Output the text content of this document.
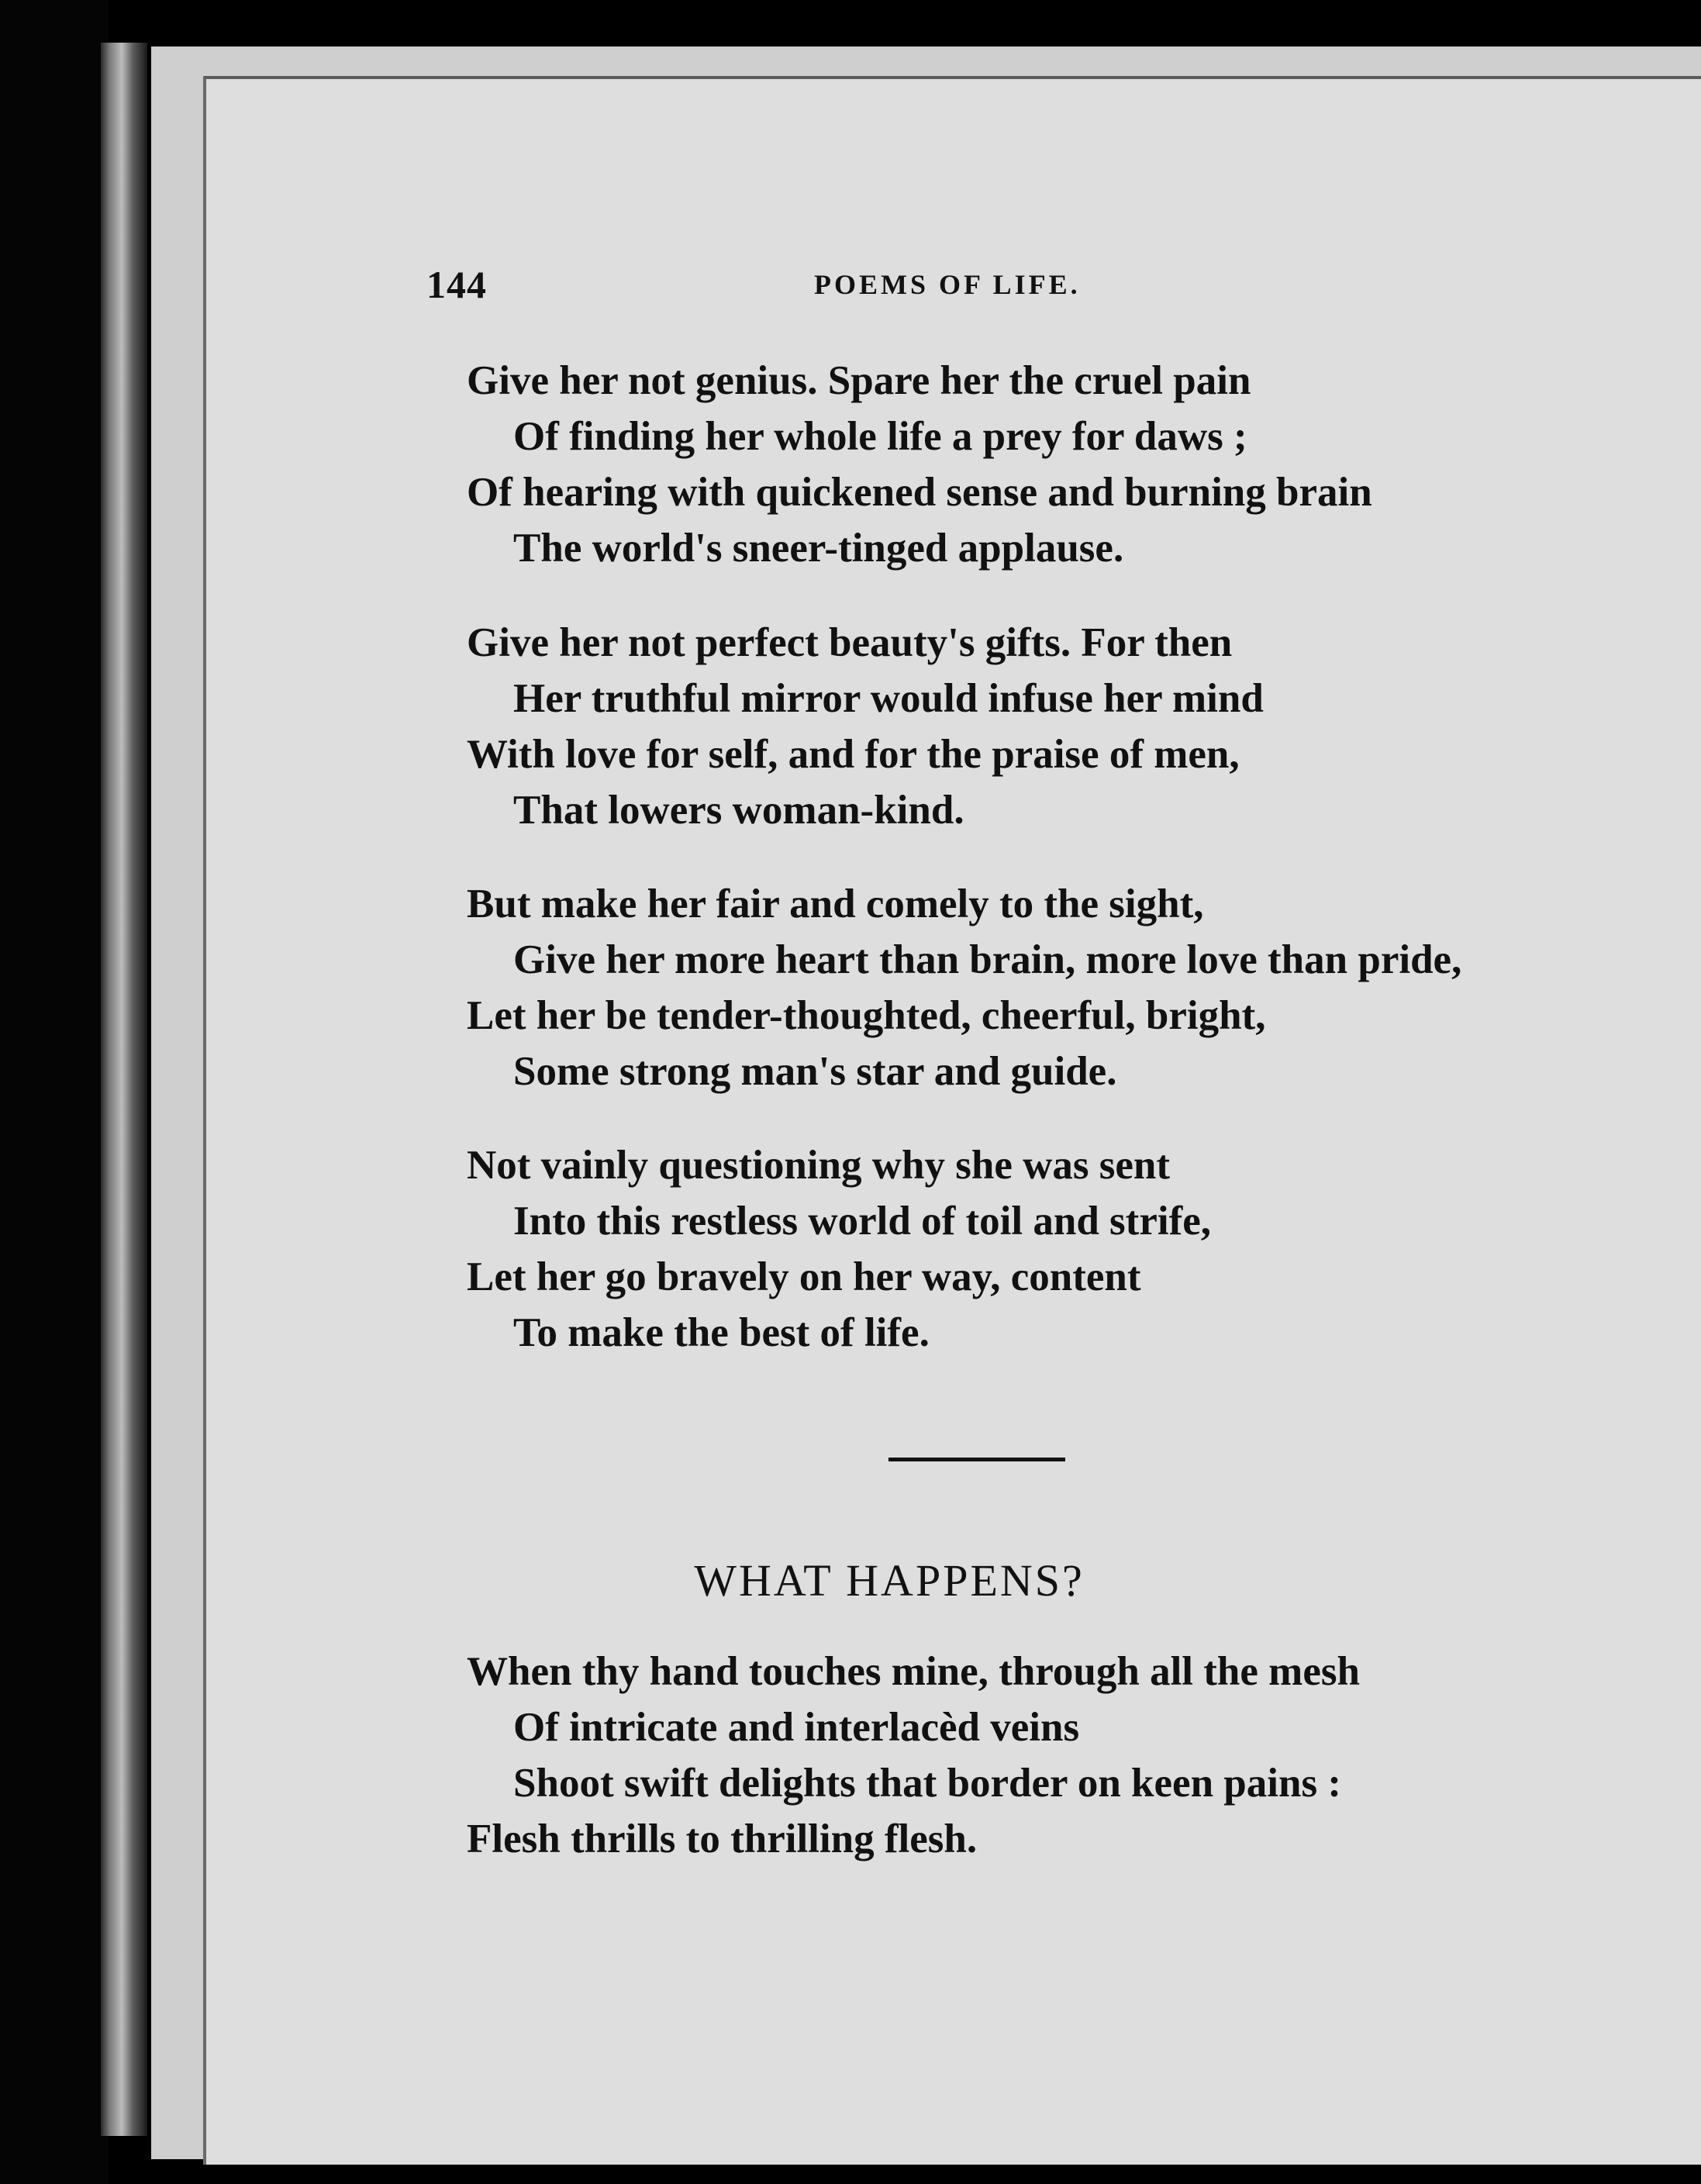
144	POEMS OF LIFE.
Give her not genius. Spare her the cruel pain
Of finding her whole life a prey for daws ;
Of hearing with quickened sense and burning brain
The world's sneer-tinged applause.
Give her not perfect beauty's gifts. For then
Her truthful mirror would infuse her mind
With love for self, and for the praise of men,
That lowers woman-kind.
But make her fair and comely to the sight,
Give her more heart than brain, more love than pride,
Let her be tender-thoughted, cheerful, bright,
Some strong man's star and guide.
Not vainly questioning why she was sent
Into this restless world of toil and strife,
Let her go bravely on her way, content
To make the best of life.
WHAT HAPPENS?
When thy hand touches mine, through all the mesh
Of intricate and interlacèd veins
Shoot swift delights that border on keen pains :
Flesh thrills to thrilling flesh.
